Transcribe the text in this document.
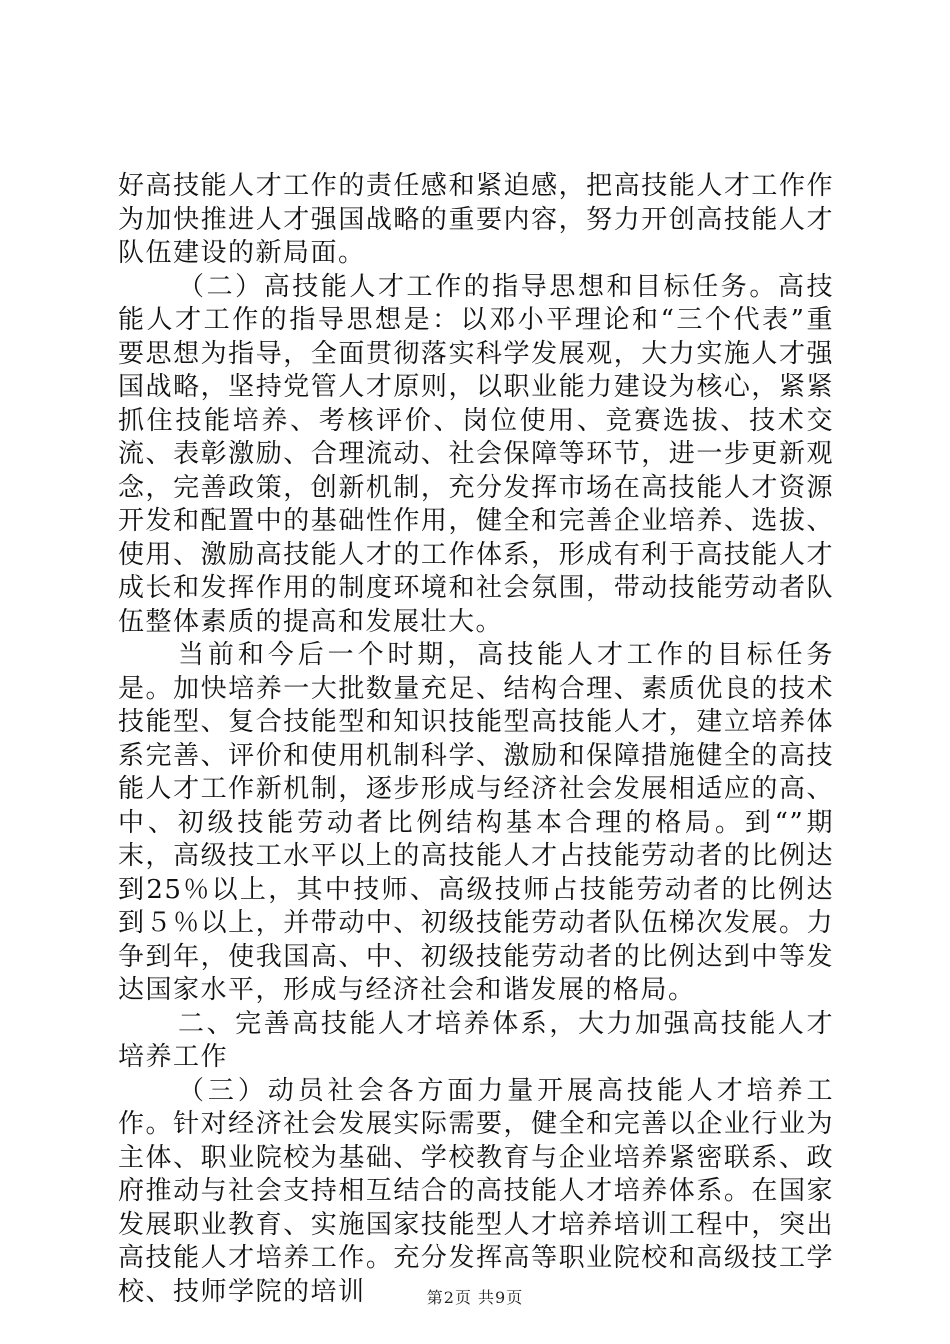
好高技能人才工作的责任感和紧迫感，把高技能人才工作作为加快推进人才强国战略的重要内容，努力开创高技能人才队伍建设的新局面。

（二）高技能人才工作的指导思想和目标任务。高技能人才工作的指导思想是：以邓小平理论和“三个代表”重要思想为指导，全面贯彻落实科学发展观，大力实施人才强国战略，坚持党管人才原则，以职业能力建设为核心，紧紧抓住技能培养、考核评价、岗位使用、竞赛选拔、技术交流、表彰激励、合理流动、社会保障等环节，进一步更新观念，完善政策，创新机制，充分发挥市场在高技能人才资源开发和配置中的基础性作用，健全和完善企业培养、选拔、使用、激励高技能人才的工作体系，形成有利于高技能人才成长和发挥作用的制度环境和社会氛围，带动技能劳动者队伍整体素质的提高和发展壮大。

当前和今后一个时期，高技能人才工作的目标任务是。加快培养一大批数量充足、结构合理、素质优良的技术技能型、复合技能型和知识技能型高技能人才，建立培养体系完善、评价和使用机制科学、激励和保障措施健全的高技能人才工作新机制，逐步形成与经济社会发展相适应的高、中、初级技能劳动者比例结构基本合理的格局。到“”期末，高级技工水平以上的高技能人才占技能劳动者的比例达到25％以上，其中技师、高级技师占技能劳动者的比例达到５％以上，并带动中、初级技能劳动者队伍梯次发展。力争到年，使我国高、中、初级技能劳动者的比例达到中等发达国家水平，形成与经济社会和谐发展的格局。

二、完善高技能人才培养体系，大力加强高技能人才培养工作

（三）动员社会各方面力量开展高技能人才培养工作。针对经济社会发展实际需要，健全和完善以企业行业为主体、职业院校为基础、学校教育与企业培养紧密联系、政府推动与社会支持相互结合的高技能人才培养体系。在国家发展职业教育、实施国家技能型人才培养培训工程中，突出高技能人才培养工作。充分发挥高等职业院校和高级技工学校、技师学院的培训	第2页 共9页
